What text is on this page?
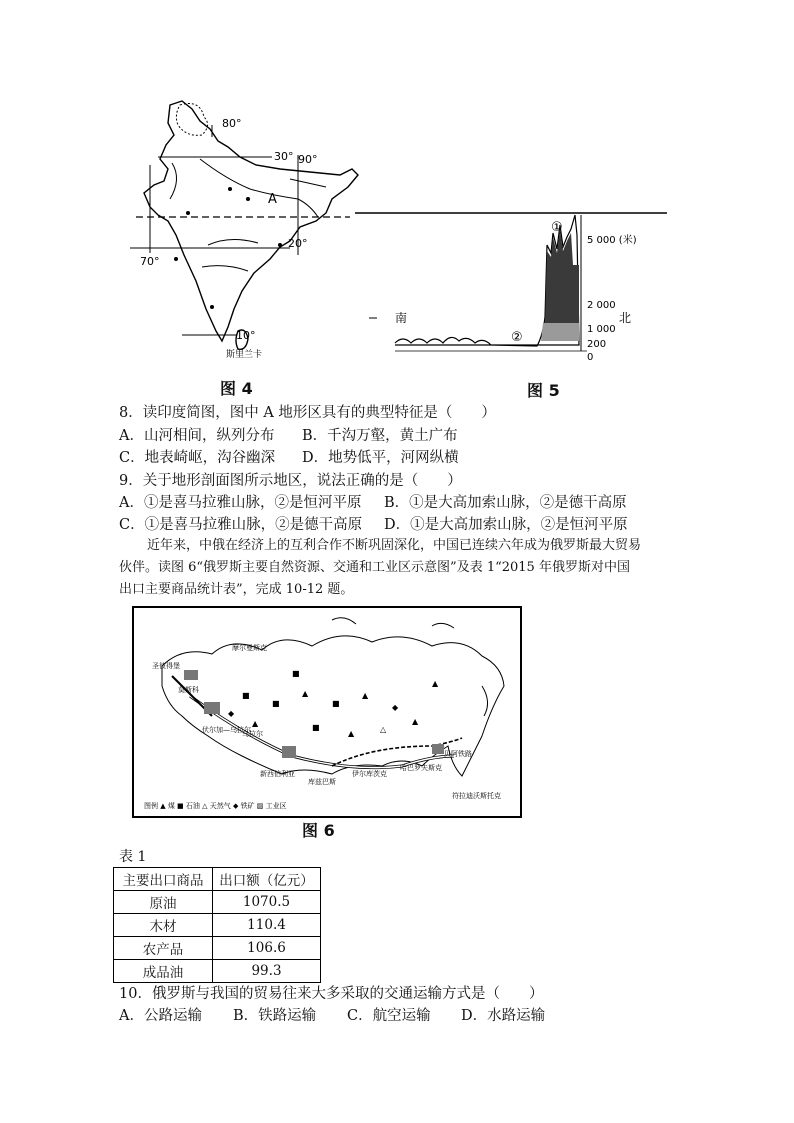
80°
30° 90°
A
20°
70°
10°
斯里兰卡
图 4
南	北
①
②
5 000 (米)
2 000
1 000
200
0
图 5
8．读印度简图，图中 A 地形区具有的典型特征是（　　）
A．山河相间，纵列分布 B．千沟万壑，黄土广布
C．地表崎岖，沟谷幽深 D．地势低平，河网纵横
9．关于地形剖面图所示地区，说法正确的是（　　）
A．①是喜马拉雅山脉，②是恒河平原 B．①是大高加索山脉，②是德干高原
C．①是喜马拉雅山脉，②是德干高原 D．①是大高加索山脉，②是恒河平原
近年来，中俄在经济上的互利合作不断巩固深化，中国已连续六年成为俄罗斯最大贸易
伙伴。读图 6“俄罗斯主要自然资源、交通和工业区示意图”及表 1“2015 年俄罗斯对中国
出口主要商品统计表”，完成 10-12 题。
■
■
▲
■
▲
◆
▲	■
▲	△
▲
◆
▲
■
摩尔曼斯克
圣彼得堡
莫斯科
伏尔加—乌拉尔
乌拉尔
新西伯利亚
库兹巴斯
伊尔库茨克
贝阿铁路
哈巴罗夫斯克
符拉迪沃斯托克
图例 ▲ 煤 ■ 石油 △ 天然气 ◆ 铁矿 ▨ 工业区
图 6
表 1
主要出口商品	出口额（亿元）
原油	1070.5
木材	110.4
农产品	106.6
成品油	99.3
10．俄罗斯与我国的贸易往来大多采取的交通运输方式是（　　）
A．公路运输 B．铁路运输 C．航空运输 D．水路运输
